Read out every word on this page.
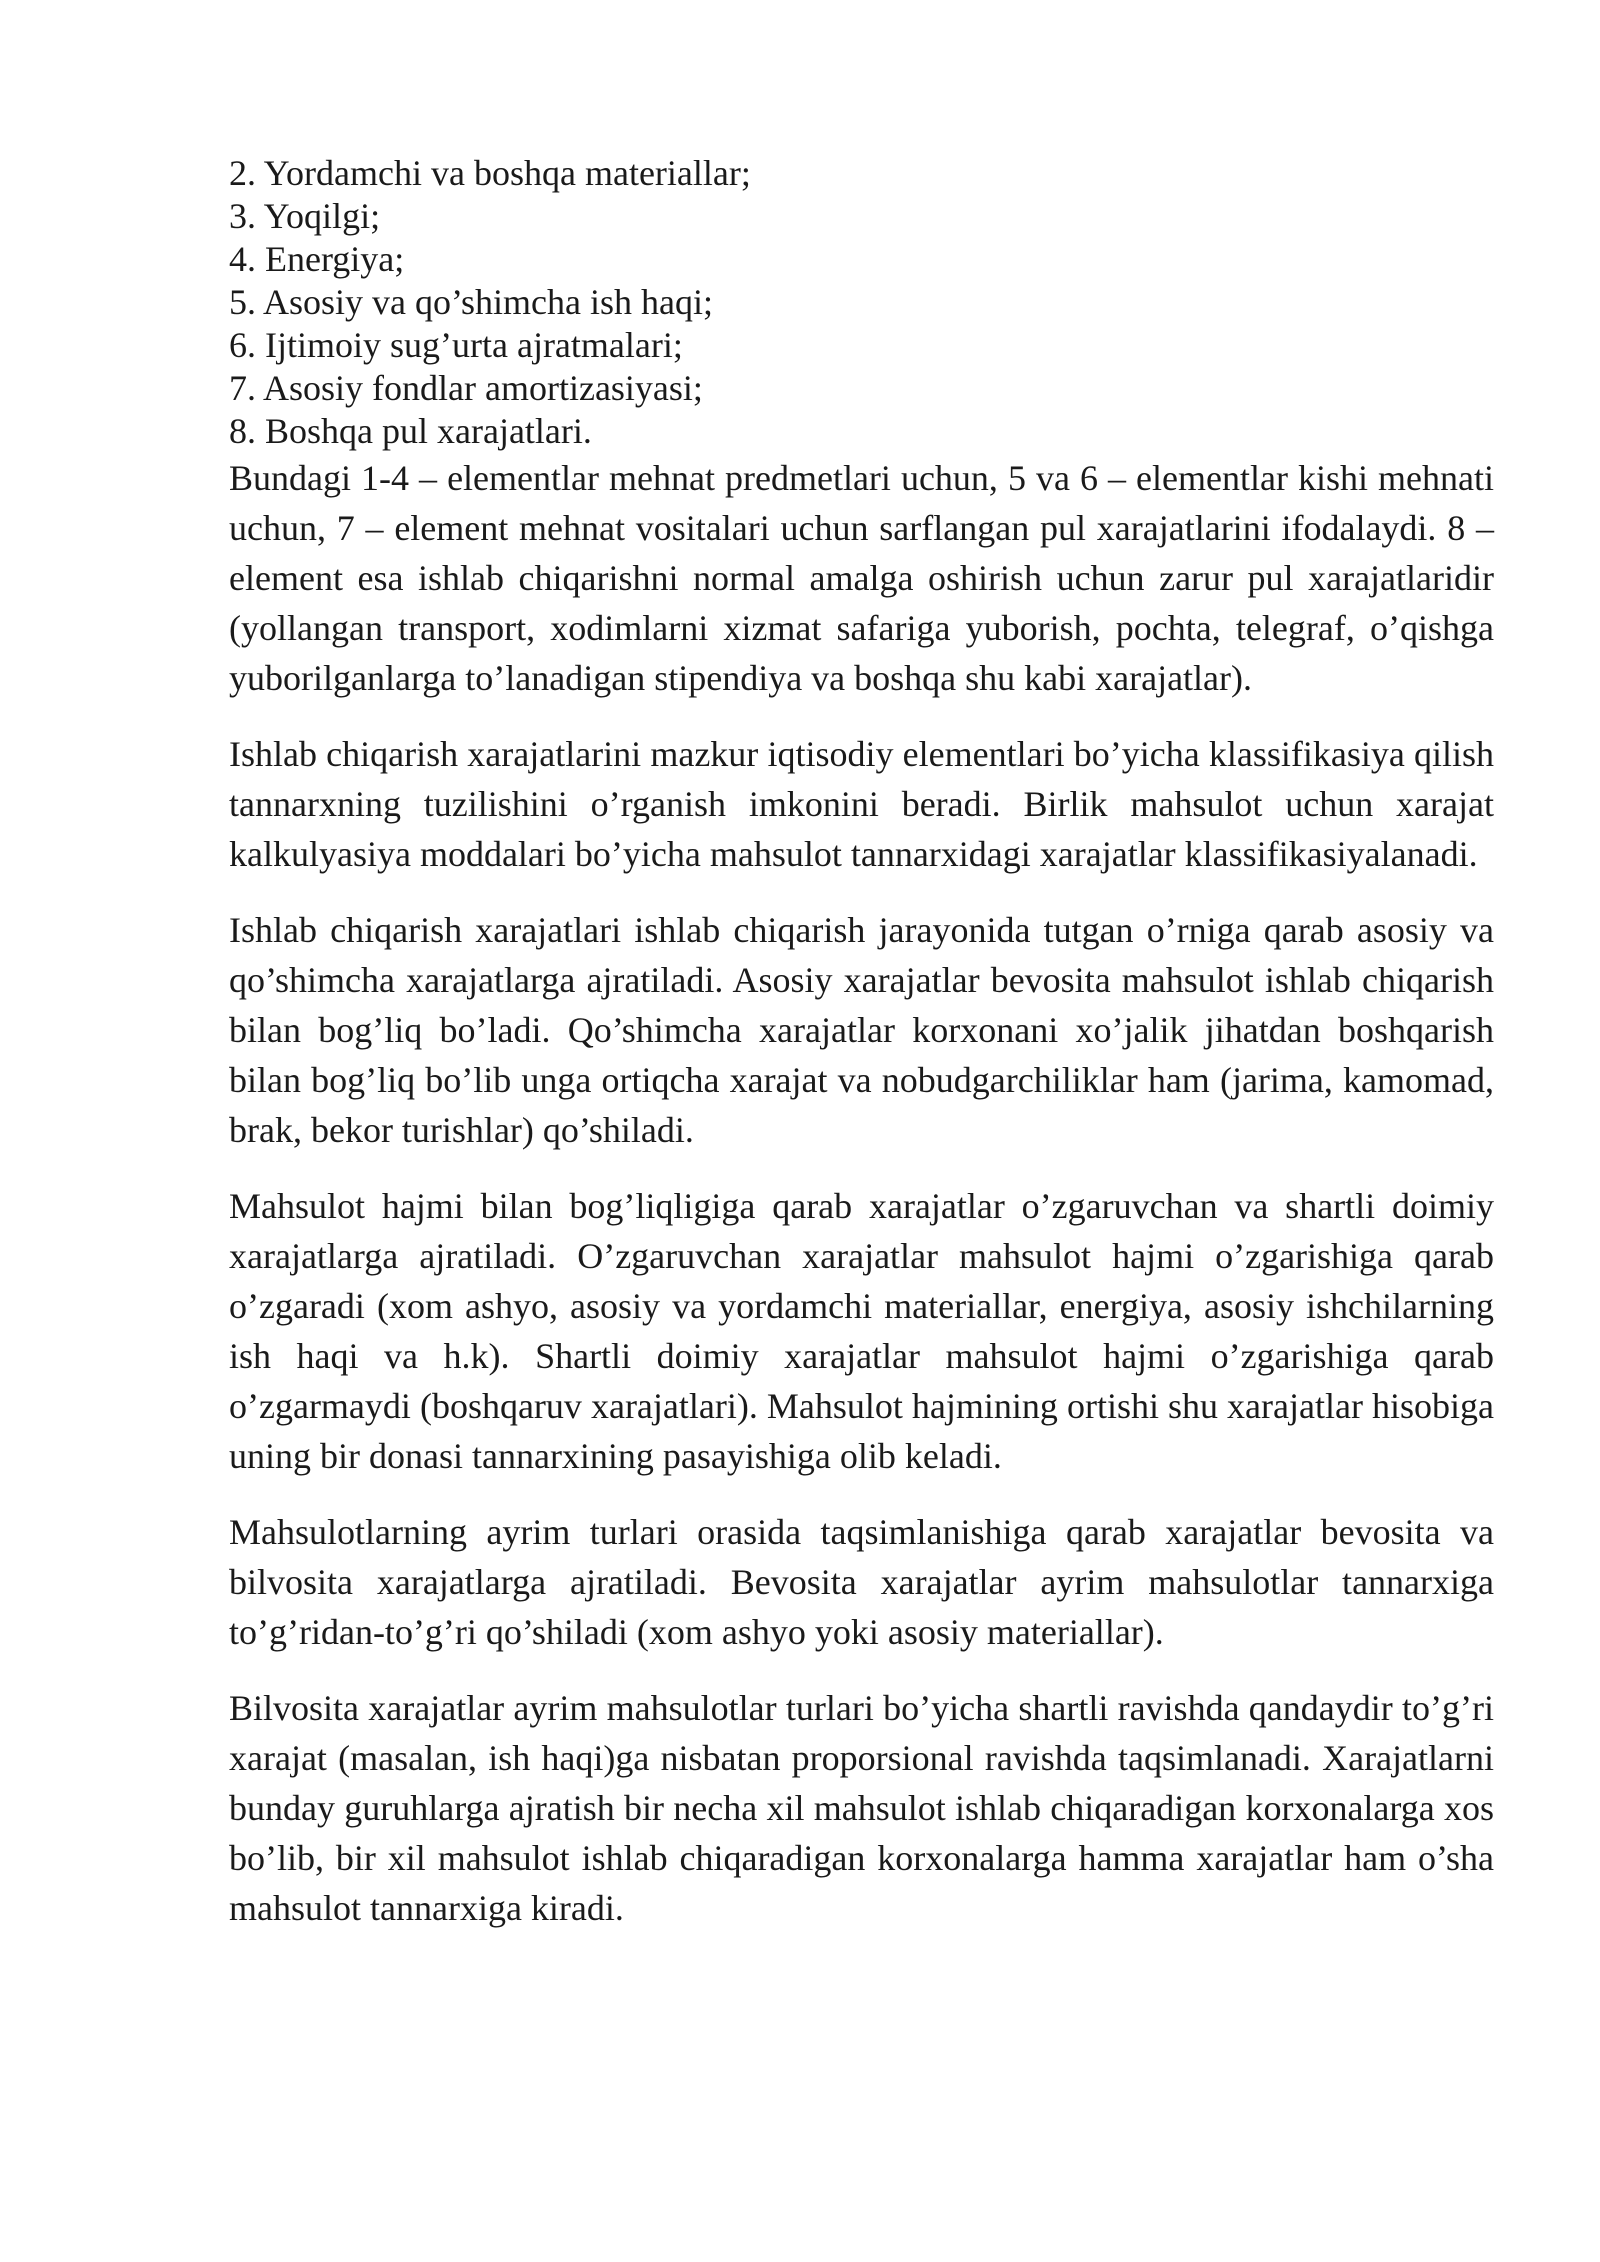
2. Yordamchi va boshqa materiallar;
3. Yoqilgi;
4. Energiya;
5. Asosiy va qo’shimcha ish haqi;
6. Ijtimoiy sug’urta ajratmalari;
7. Asosiy fondlar amortizasiyasi;
8. Boshqa pul xarajatlari.

Bundagi 1-4 – elementlar mehnat predmetlari uchun, 5 va 6 – elementlar kishi mehnati uchun, 7 – element mehnat vositalari uchun sarflangan pul xarajatlarini ifodalaydi. 8 – element esa ishlab chiqarishni normal amalga oshirish uchun zarur pul xarajatlaridir (yollangan transport, xodimlarni xizmat safariga yuborish, pochta, telegraf, o’qishga yuborilganlarga to’lanadigan stipendiya va boshqa shu kabi xarajatlar).

Ishlab chiqarish xarajatlarini mazkur iqtisodiy elementlari bo’yicha klassifikasiya qilish tannarxning tuzilishini o’rganish imkonini beradi. Birlik mahsulot uchun xarajat kalkulyasiya moddalari bo’yicha mahsulot tannarxidagi xarajatlar klassifikasiyalanadi.

Ishlab chiqarish xarajatlari ishlab chiqarish jarayonida tutgan o’rniga qarab asosiy va qo’shimcha xarajatlarga ajratiladi. Asosiy xarajatlar bevosita mahsulot ishlab chiqarish bilan bog’liq bo’ladi. Qo’shimcha xarajatlar korxonani xo’jalik jihatdan boshqarish bilan bog’liq bo’lib unga ortiqcha xarajat va nobudgarchiliklar ham (jarima, kamomad, brak, bekor turishlar) qo’shiladi.

Mahsulot hajmi bilan bog’liqligiga qarab xarajatlar o’zgaruvchan va shartli doimiy xarajatlarga ajratiladi. O’zgaruvchan xarajatlar mahsulot hajmi o’zgarishiga qarab o’zgaradi (xom ashyo, asosiy va yordamchi materiallar, energiya, asosiy ishchilarning ish haqi va h.k). Shartli doimiy xarajatlar mahsulot hajmi o’zgarishiga qarab o’zgarmaydi (boshqaruv xarajatlari). Mahsulot hajmining ortishi shu xarajatlar hisobiga uning bir donasi tannarxining pasayishiga olib keladi.

Mahsulotlarning ayrim turlari orasida taqsimlanishiga qarab xarajatlar bevosita va bilvosita xarajatlarga ajratiladi. Bevosita xarajatlar ayrim mahsulotlar tannarxiga to’g’ridan-to’g’ri qo’shiladi (xom ashyo yoki asosiy materiallar).

Bilvosita xarajatlar ayrim mahsulotlar turlari bo’yicha shartli ravishda qandaydir to’g’ri xarajat (masalan, ish haqi)ga nisbatan proporsional ravishda taqsimlanadi. Xarajatlarni bunday guruhlarga ajratish bir necha xil mahsulot ishlab chiqaradigan korxonalarga xos bo’lib, bir xil mahsulot ishlab chiqaradigan korxonalarga hamma xarajatlar ham o’sha mahsulot tannarxiga kiradi.
